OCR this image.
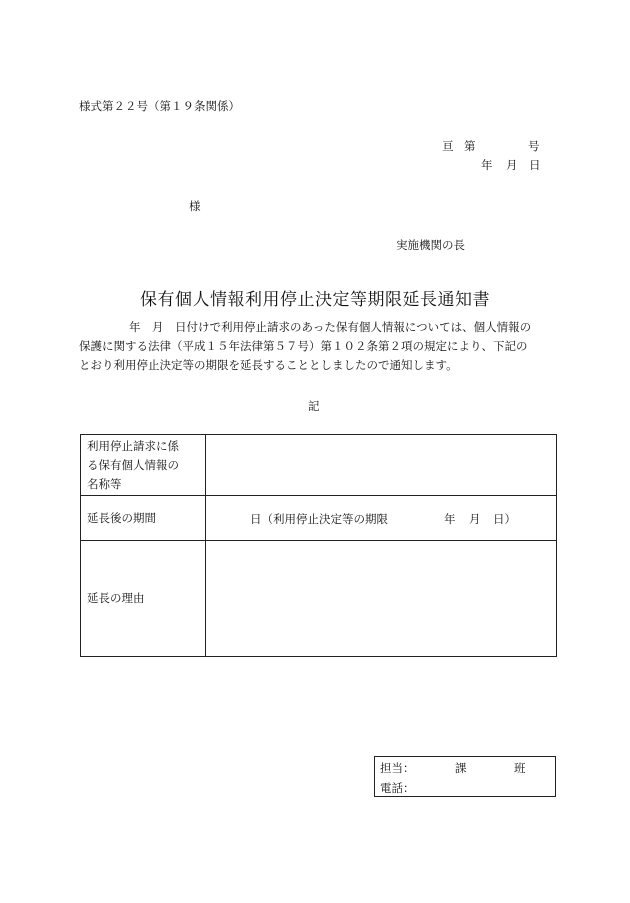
様式第２２号（第１９条関係）
亘 第	号
年 月 日
様
実施機関の長
保有個人情報利用停止決定等期限延長通知書
年　月　日付けで利用停止請求のあった保有個人情報については、個人情報の
保護に関する法律（平成１５年法律第５７号）第１０２条第２項の規定により、下記の
とおり利用停止決定等の期限を延長することとしましたので通知します。
記
利用停止請求に係
る保有個人情報の
名称等	

延長後の期間	日（利用停止決定等の期限 年 月 日）

延長の理由	
担当：	課	班
電話：
